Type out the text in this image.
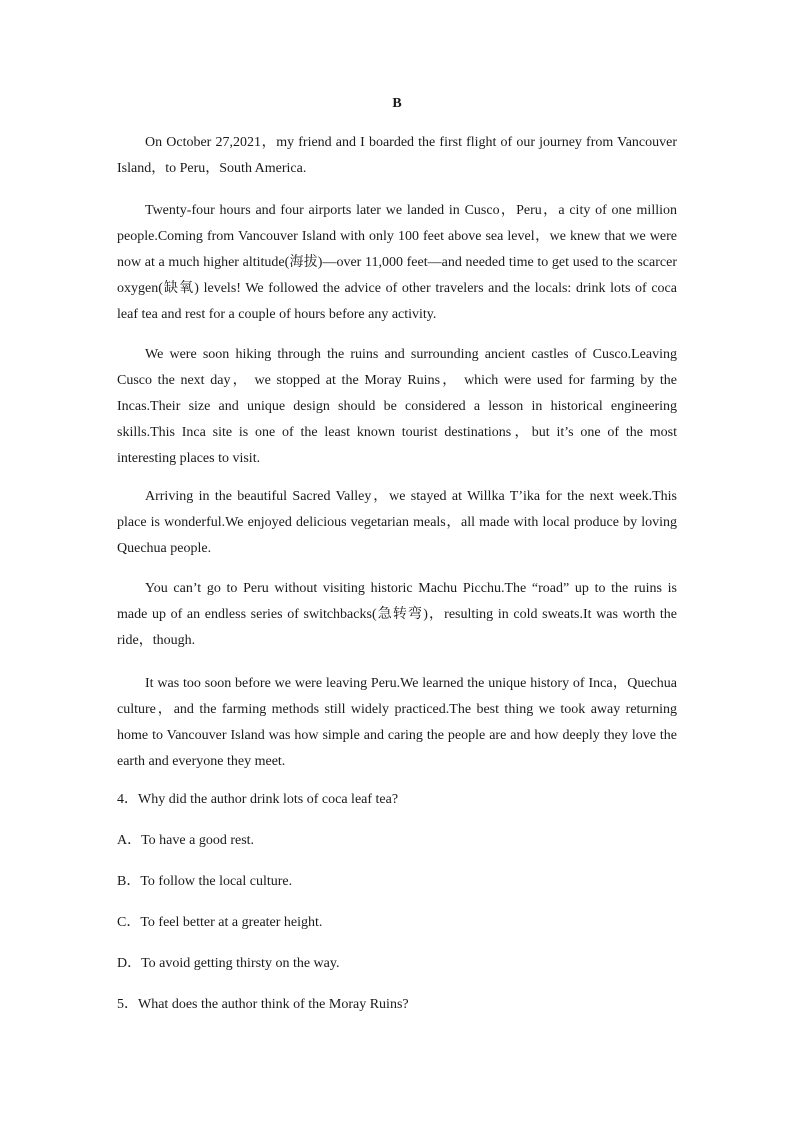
B
On October 27,2021，my friend and I boarded the first flight of our journey from Vancouver Island，to Peru，South America.
Twenty-four hours and four airports later we landed in Cusco，Peru，a city of one million people.Coming from Vancouver Island with only 100 feet above sea level，we knew that we were now at a much higher altitude(海拔)—over 11,000 feet—and needed time to get used to the scarcer oxygen(缺氧) levels! We followed the advice of other travelers and the locals: drink lots of coca leaf tea and rest for a couple of hours before any activity.
We were soon hiking through the ruins and surrounding ancient castles of Cusco.Leaving Cusco the next day， we stopped at the Moray Ruins， which were used for farming by the Incas.Their size and unique design should be considered a lesson in historical engineering skills.This Inca site is one of the least known tourist destinations，but it’s one of the most interesting places to visit.
Arriving in the beautiful Sacred Valley，we stayed at Willka T’ika for the next week.This place is wonderful.We enjoyed delicious vegetarian meals，all made with local produce by loving Quechua people.
You can’t go to Peru without visiting historic Machu Picchu.The “road” up to the ruins is made up of an endless series of switchbacks(急转弯)，resulting in cold sweats.It was worth the ride，though.
It was too soon before we were leaving Peru.We learned the unique history of Inca，Quechua culture，and the farming methods still widely practiced.The best thing we took away returning home to Vancouver Island was how simple and caring the people are and how deeply they love the earth and everyone they meet.
4．Why did the author drink lots of coca leaf tea?
A．To have a good rest.
B．To follow the local culture.
C．To feel better at a greater height.
D．To avoid getting thirsty on the way.
5．What does the author think of the Moray Ruins?
